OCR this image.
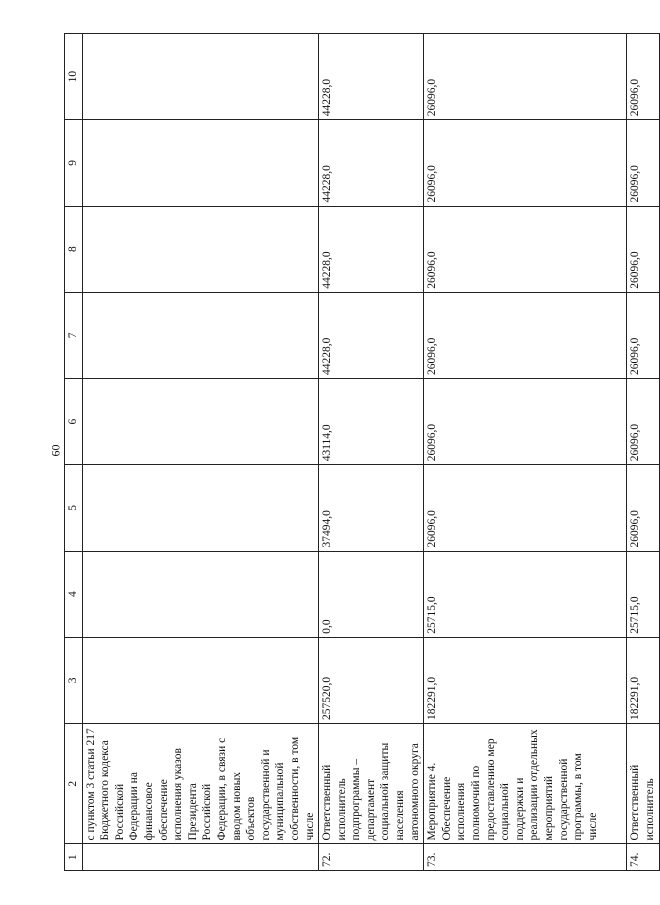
60
1	2	3	4	5	6	7	8	9	10
	с пунктом 3 статьи 217 Бюджетного кодекса Российской Федерации на финансовое обеспечение исполнения указов Президента Российской Федерации, в связи с вводом новых объектов государственной и муниципальной собственности, в том числе								
72.	Ответственный исполнитель подпрограммы – департамент социальной защиты населения автономного округа	257520,0	0,0	37494,0	43114,0	44228,0	44228,0	44228,0	44228,0
73.	Мероприятие 4. Обеспечение исполнения полномочий по предоставлению мер социальной поддержки и реализации отдельных мероприятий государственной программы, в том числе	182291,0	25715,0	26096,0	26096,0	26096,0	26096,0	26096,0	26096,0
74.	Ответственный исполнитель	182291,0	25715,0	26096,0	26096,0	26096,0	26096,0	26096,0	26096,0
